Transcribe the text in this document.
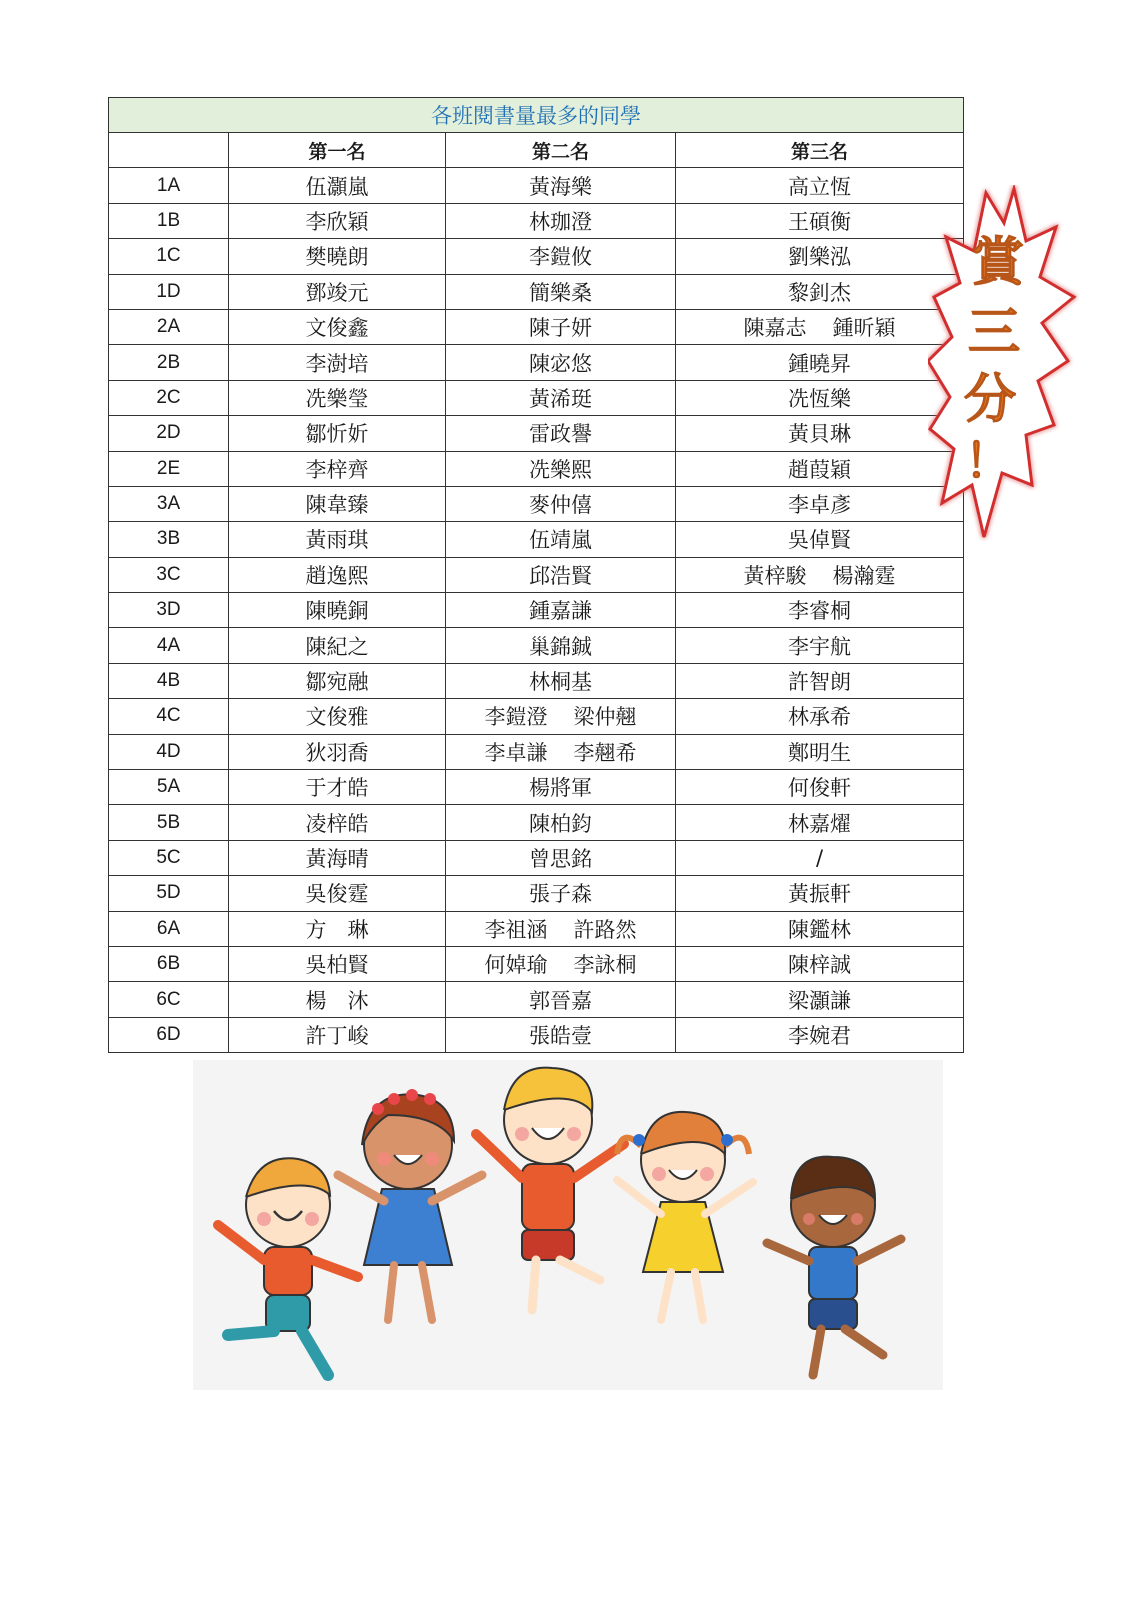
各班閱書量最多的同學			
	第一名	第二名	第三名
1A	伍灝嵐	黃海樂	高立恆
1B	李欣穎	林珈澄	王碩衡
1C	樊曉朗	李鎧攸	劉樂泓
1D	鄧竣元	簡樂桑	黎釗杰
2A	文俊鑫	陳子妍	陳嘉志 鍾昕穎
2B	李澍培	陳宓悠	鍾曉昇
2C	冼樂瑩	黃浠珽	冼恆樂
2D	鄒忻妡	雷政譽	黃貝琳
2E	李梓齊	冼樂熙	趙葭穎
3A	陳韋臻	麥仲僖	李卓彥
3B	黃雨琪	伍靖嵐	吳倬賢
3C	趙逸熙	邱浩賢	黃梓駿 楊瀚霆
3D	陳曉銅	鍾嘉謙	李睿桐
4A	陳紀之	巢錦鋮	李宇航
4B	鄒宛融	林桐基	許智朗
4C	文俊雅	李鎧澄 梁仲翹	林承希
4D	狄羽喬	李卓謙 李翹希	鄭明生
5A	于才皓	楊將軍	何俊軒
5B	凌梓皓	陳柏鈞	林嘉燿
5C	黃海晴	曾思銘	/
5D	吳俊霆	張子森	黃振軒
6A	方　琳	李祖涵 許路然	陳鑑林
6B	吳柏賢	何婥瑜 李詠桐	陳梓誠
6C	楊　沐	郭晉嘉	梁灝謙
6D	許丁峻	張皓壹	李婉君
賞
三
分
！
